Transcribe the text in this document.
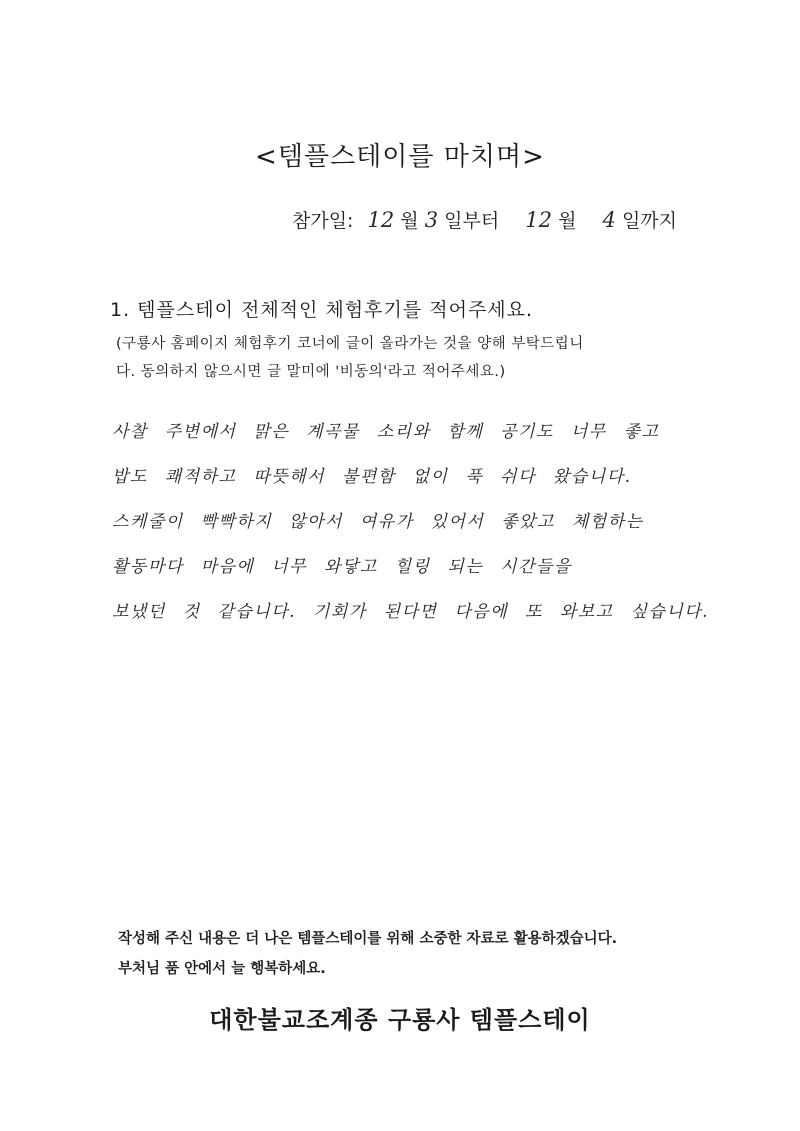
<템플스테이를 마치며>
참가일: 12 월 3 일부터 12 월 4 일까지
1. 템플스테이 전체적인 체험후기를 적어주세요.
(구룡사 홈페이지 체험후기 코너에 글이 올라가는 것을 양해 부탁드립니
다. 동의하지 않으시면 글 말미에 '비동의'라고 적어주세요.)
사찰 주변에서 맑은 계곡물 소리와 함께 공기도 너무 좋고
밥도 쾌적하고 따뜻해서 불편함 없이 푹 쉬다 왔습니다.
스케줄이 빡빡하지 않아서 여유가 있어서 좋았고 체험하는
활동마다 마음에 너무 와닿고 힐링 되는 시간들을
보냈던 것 같습니다. 기회가 된다면 다음에 또 와보고 싶습니다.
작성해 주신 내용은 더 나은 템플스테이를 위해 소중한 자료로 활용하겠습니다.
부처님 품 안에서 늘 행복하세요.
대한불교조계종 구룡사 템플스테이
